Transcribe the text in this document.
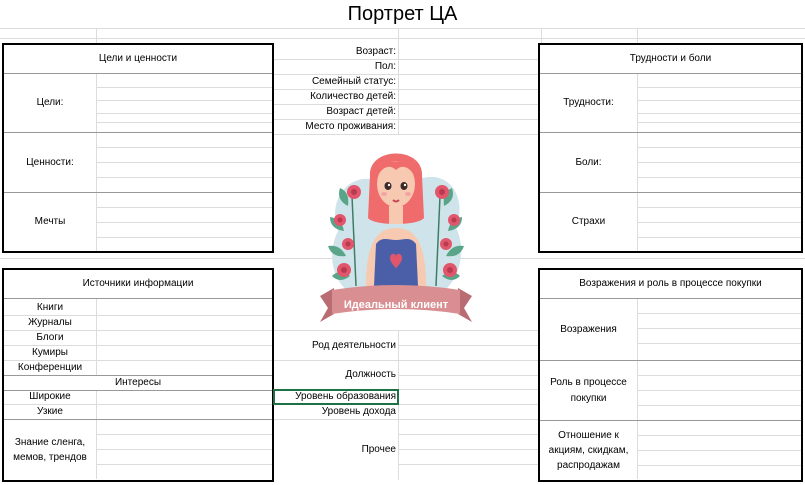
Портрет ЦА
Цели и ценности
Цели:
Ценности:
Мечты
Трудности и боли
Трудности:
Боли:
Страхи
Возраст:
Пол:
Семейный статус:
Количество детей:
Возраст детей:
Место проживания:
Идеальный клиент
Источники информации
Книги
Журналы
Блоги
Кумиры
Конференции
Интересы
Широкие
Узкие
Знание сленга, мемов, трендов
Род деятельности
Должность
Уровень образования
Уровень дохода
Прочее
Возражения и роль в процессе покупки
Возражения
Роль в процессе покупки
Отношение к акциям, скидкам, распродажам
